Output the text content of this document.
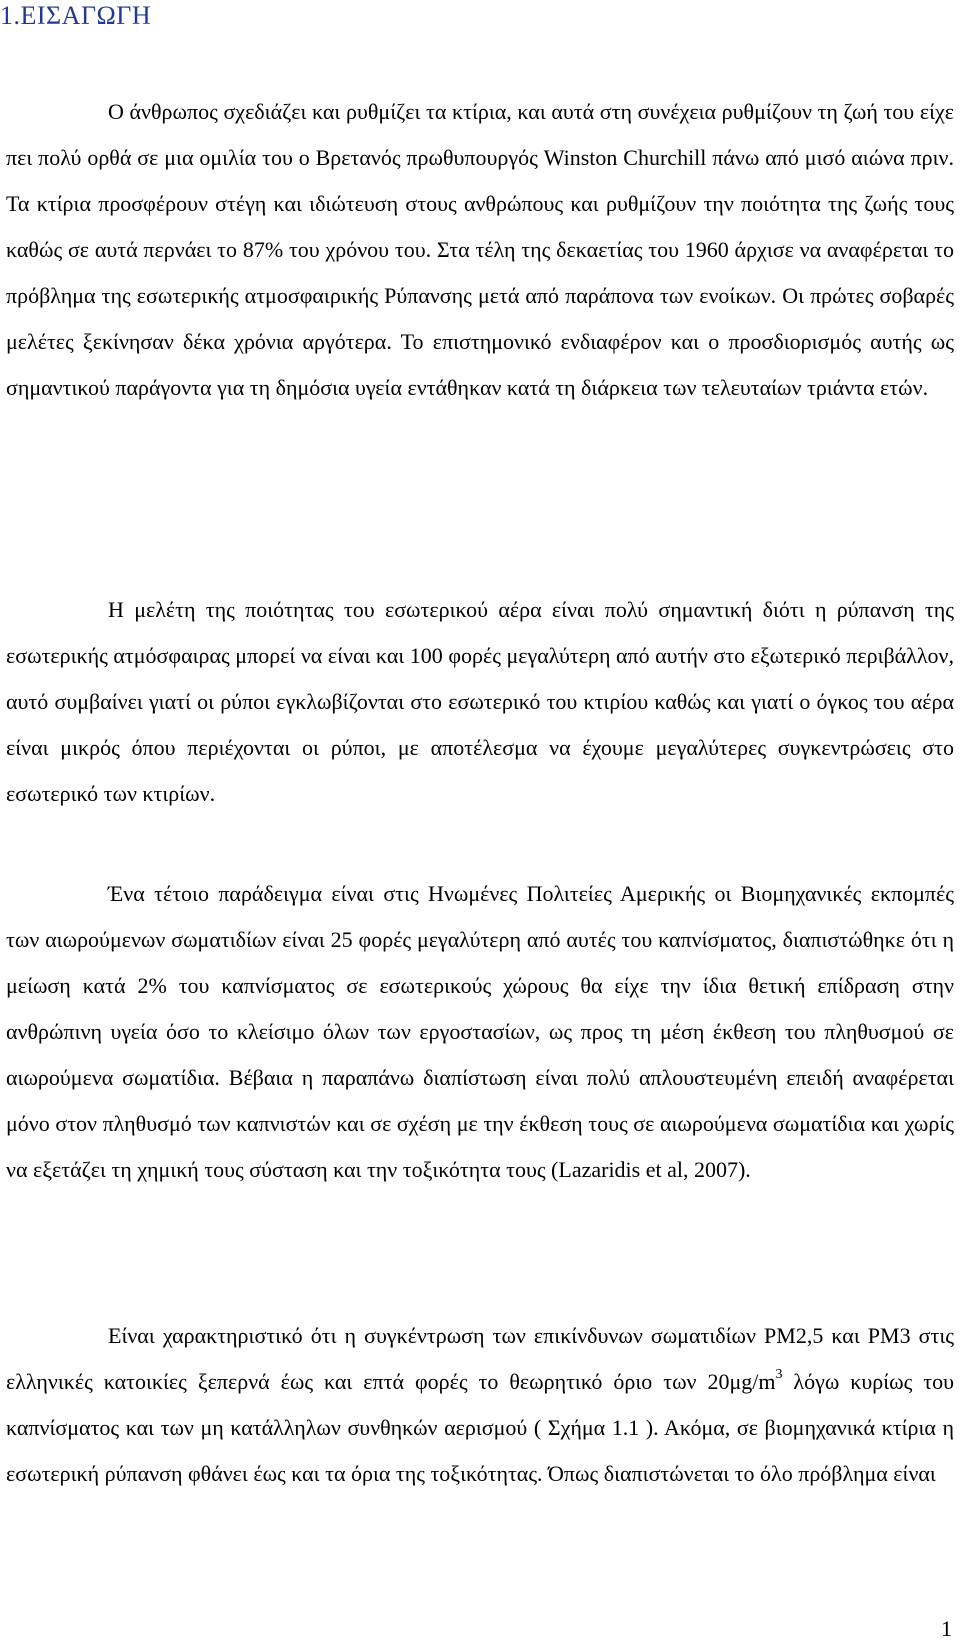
1.ΕΙΣΑΓΩΓΗ

Ο άνθρωπος σχεδιάζει και ρυθμίζει τα κτίρια, και αυτά στη συνέχεια ρυθμίζουν τη ζωή του είχε πει πολύ ορθά σε μια ομιλία του ο Βρετανός πρωθυπουργός Winston Churchill πάνω από μισό αιώνα πριν. Τα κτίρια προσφέρουν στέγη και ιδιώτευση στους ανθρώπους και ρυθμίζουν την ποιότητα της ζωής τους καθώς σε αυτά περνάει το 87% του χρόνου του. Στα τέλη της δεκαετίας του 1960 άρχισε να αναφέρεται το πρόβλημα της εσωτερικής ατμοσφαιρικής Ρύπανσης μετά από παράπονα των ενοίκων. Οι πρώτες σοβαρές μελέτες ξεκίνησαν δέκα χρόνια αργότερα. Το επιστημονικό ενδιαφέρον και ο προσδιορισμός αυτής ως σημαντικού παράγοντα για τη δημόσια υγεία εντάθηκαν κατά τη διάρκεια των τελευταίων τριάντα ετών.

Η μελέτη της ποιότητας του εσωτερικού αέρα είναι πολύ σημαντική διότι η ρύπανση της εσωτερικής ατμόσφαιρας μπορεί να είναι και 100 φορές μεγαλύτερη από αυτήν στο εξωτερικό περιβάλλον, αυτό συμβαίνει γιατί οι ρύποι εγκλωβίζονται στο εσωτερικό του κτιρίου καθώς και γιατί ο όγκος του αέρα είναι μικρός όπου περιέχονται οι ρύποι, με αποτέλεσμα να έχουμε μεγαλύτερες συγκεντρώσεις στο εσωτερικό των κτιρίων.

Ένα τέτοιο παράδειγμα είναι στις Ηνωμένες Πολιτείες Αμερικής οι Βιομηχανικές εκπομπές των αιωρούμενων σωματιδίων είναι 25 φορές μεγαλύτερη από αυτές του καπνίσματος, διαπιστώθηκε ότι η μείωση κατά 2% του καπνίσματος σε εσωτερικούς χώρους θα είχε την ίδια θετική επίδραση στην ανθρώπινη υγεία όσο το κλείσιμο όλων των εργοστασίων, ως προς τη μέση έκθεση του πληθυσμού σε αιωρούμενα σωματίδια. Βέβαια η παραπάνω διαπίστωση είναι πολύ απλουστευμένη επειδή αναφέρεται μόνο στον πληθυσμό των καπνιστών και σε σχέση με την έκθεση τους σε αιωρούμενα σωματίδια και χωρίς να εξετάζει τη χημική τους σύσταση και την τοξικότητα τους (Lazaridis et al, 2007).

Είναι χαρακτηριστικό ότι η συγκέντρωση των επικίνδυνων σωματιδίων PM2,5 και PM3 στις ελληνικές κατοικίες ξεπερνά έως και επτά φορές το θεωρητικό όριο των $20\mu g/m^3$ λόγω κυρίως του καπνίσματος και των μη κατάλληλων συνθηκών αερισμού ( Σχήμα 1.1 ). Ακόμα, σε βιομηχανικά κτίρια η εσωτερική ρύπανση φθάνει έως και τα όρια της τοξικότητας. Όπως διαπιστώνεται το όλο πρόβλημα είναι

1
